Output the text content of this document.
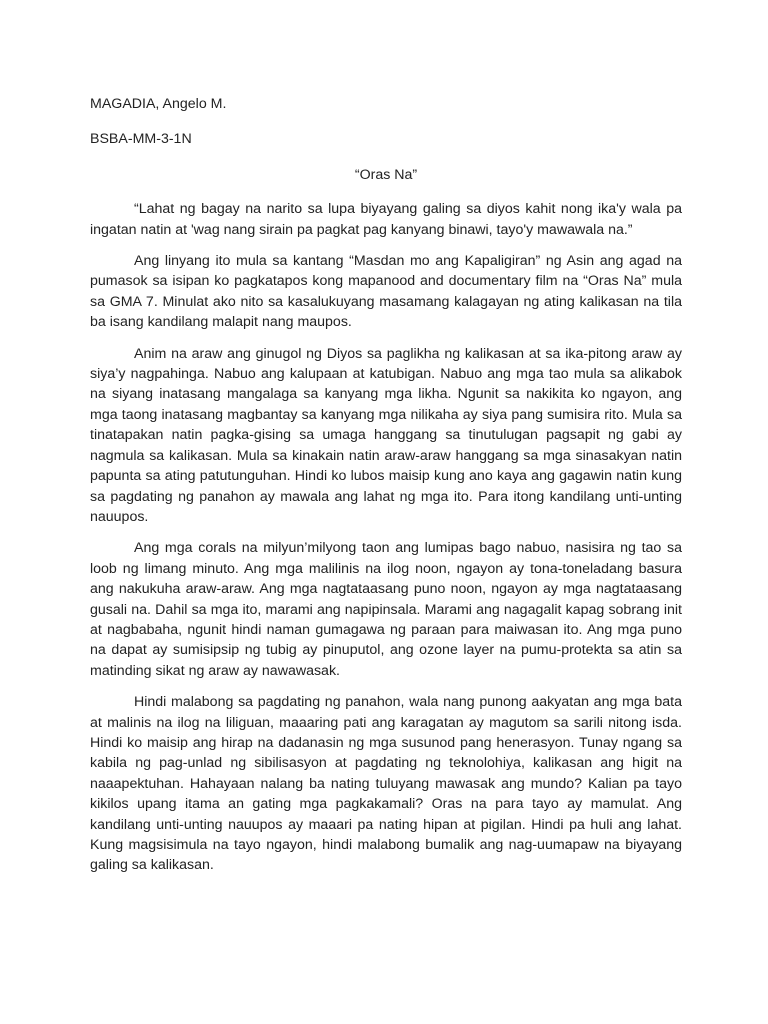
MAGADIA, Angelo M.

BSBA-MM-3-1N

“Oras Na”

“Lahat ng bagay na narito sa lupa biyayang galing sa diyos kahit nong ika'y wala pa ingatan natin at 'wag nang sirain pa pagkat pag kanyang binawi, tayo'y mawawala na.”

Ang linyang ito mula sa kantang “Masdan mo ang Kapaligiran” ng Asin ang agad na pumasok sa isipan ko pagkatapos kong mapanood and documentary film na “Oras Na” mula sa GMA 7. Minulat ako nito sa kasalukuyang masamang kalagayan ng ating kalikasan na tila ba isang kandilang malapit nang maupos.

Anim na araw ang ginugol ng Diyos sa paglikha ng kalikasan at sa ika-pitong araw ay siya’y nagpahinga. Nabuo ang kalupaan at katubigan. Nabuo ang mga tao mula sa alikabok na siyang inatasang mangalaga sa kanyang mga likha. Ngunit sa nakikita ko ngayon, ang mga taong inatasang magbantay sa kanyang mga nilikaha ay siya pang sumisira rito. Mula sa tinatapakan natin pagka-gising sa umaga hanggang sa tinutulugan pagsapit ng gabi ay nagmula sa kalikasan. Mula sa kinakain natin araw-araw hanggang sa mga sinasakyan natin papunta sa ating patutunguhan. Hindi ko lubos maisip kung ano kaya ang gagawin natin kung sa pagdating ng panahon ay mawala ang lahat ng mga ito. Para itong kandilang unti-unting nauupos.

Ang mga corals na milyun’milyong taon ang lumipas bago nabuo, nasisira ng tao sa loob ng limang minuto. Ang mga malilinis na ilog noon, ngayon ay tona-toneladang basura ang nakukuha araw-araw. Ang mga nagtataasang puno noon, ngayon ay mga nagtataasang gusali na. Dahil sa mga ito, marami ang napipinsala. Marami ang nagagalit kapag sobrang init at nagbabaha, ngunit hindi naman gumagawa ng paraan para maiwasan ito. Ang mga puno na dapat ay sumisipsip ng tubig ay pinuputol, ang ozone layer na pumu-protekta sa atin sa matinding sikat ng araw ay nawawasak.

Hindi malabong sa pagdating ng panahon, wala nang punong aakyatan ang mga bata at malinis na ilog na liliguan, maaaring pati ang karagatan ay magutom sa sarili nitong isda. Hindi ko maisip ang hirap na dadanasin ng mga susunod pang henerasyon. Tunay ngang sa kabila ng pag-unlad ng sibilisasyon at pagdating ng teknolohiya, kalikasan ang higit na naaapektuhan. Hahayaan nalang ba nating tuluyang mawasak ang mundo? Kalian pa tayo kikilos upang itama an gating mga pagkakamali? Oras na para tayo ay mamulat. Ang kandilang unti-unting nauupos ay maaari pa nating hipan at pigilan. Hindi pa huli ang lahat. Kung magsisimula na tayo ngayon, hindi malabong bumalik ang nag-uumapaw na biyayang galing sa kalikasan.
